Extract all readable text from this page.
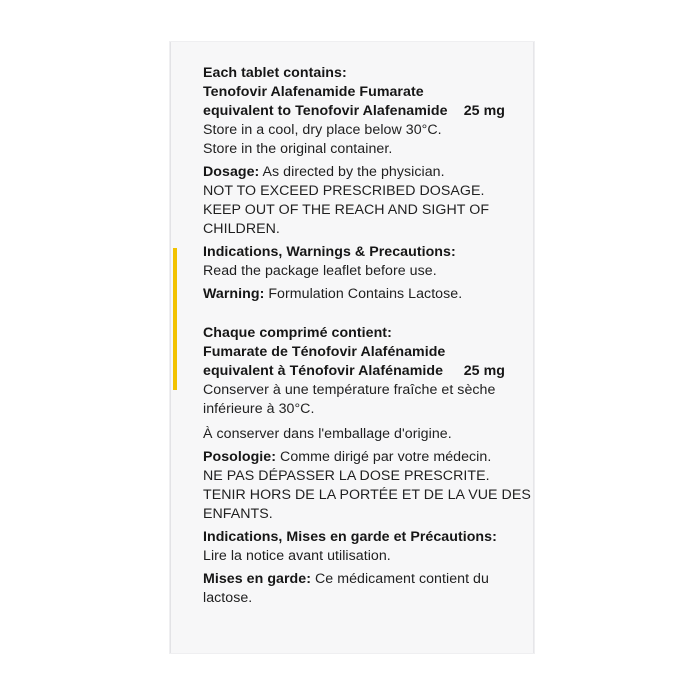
Each tablet contains:
Tenofovir Alafenamide Fumarate
equivalent to Tenofovir Alafenamide 25 mg
Store in a cool, dry place below 30°C.
Store in the original container.
Dosage: As directed by the physician.
NOT TO EXCEED PRESCRIBED DOSAGE.
KEEP OUT OF THE REACH AND SIGHT OF
CHILDREN.
Indications, Warnings & Precautions:
Read the package leaflet before use.
Warning: Formulation Contains Lactose.
Chaque comprimé contient:
Fumarate de Ténofovir Alafénamide
equivalent à Ténofovir Alafénamide 25 mg
Conserver à une température fraîche et sèche
inférieure à 30°C.
À conserver dans l'emballage d'origine.
Posologie: Comme dirigé par votre médecin.
NE PAS DÉPASSER LA DOSE PRESCRITE.
TENIR HORS DE LA PORTÉE ET DE LA VUE DES
ENFANTS.
Indications, Mises en garde et Précautions:
Lire la notice avant utilisation.
Mises en garde: Ce médicament contient du
lactose.
